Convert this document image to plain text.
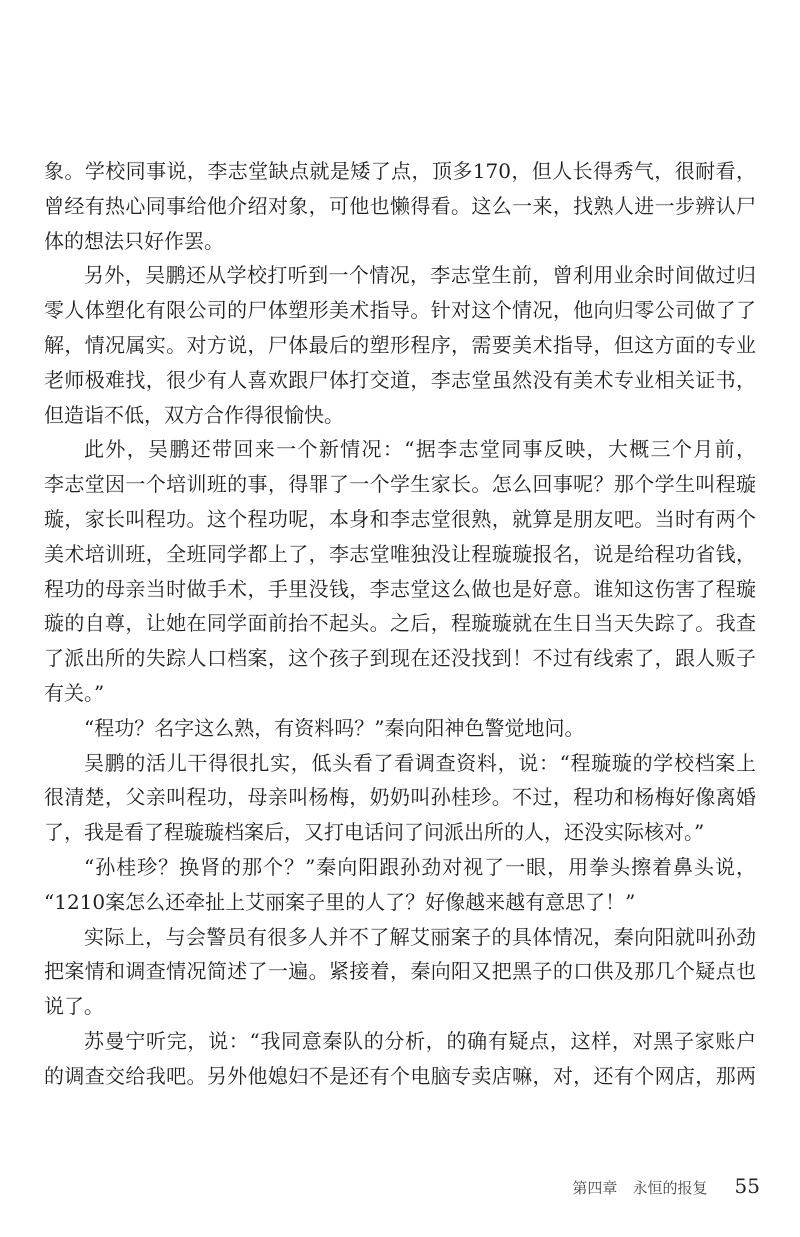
象。学校同事说，李志堂缺点就是矮了点，顶多170，但人长得秀气，很耐看，
曾经有热心同事给他介绍对象，可他也懒得看。这么一来，找熟人进一步辨认尸
体的想法只好作罢。
另外，吴鹏还从学校打听到一个情况，李志堂生前，曾利用业余时间做过归
零人体塑化有限公司的尸体塑形美术指导。针对这个情况，他向归零公司做了了
解，情况属实。对方说，尸体最后的塑形程序，需要美术指导，但这方面的专业
老师极难找，很少有人喜欢跟尸体打交道，李志堂虽然没有美术专业相关证书，
但造诣不低，双方合作得很愉快。
此外，吴鹏还带回来一个新情况：“据李志堂同事反映，大概三个月前，
李志堂因一个培训班的事，得罪了一个学生家长。怎么回事呢？那个学生叫程璇
璇，家长叫程功。这个程功呢，本身和李志堂很熟，就算是朋友吧。当时有两个
美术培训班，全班同学都上了，李志堂唯独没让程璇璇报名，说是给程功省钱，
程功的母亲当时做手术，手里没钱，李志堂这么做也是好意。谁知这伤害了程璇
璇的自尊，让她在同学面前抬不起头。之后，程璇璇就在生日当天失踪了。我查
了派出所的失踪人口档案，这个孩子到现在还没找到！不过有线索了，跟人贩子
有关。”
“程功？名字这么熟，有资料吗？”秦向阳神色警觉地问。
吴鹏的活儿干得很扎实，低头看了看调查资料，说：“程璇璇的学校档案上
很清楚，父亲叫程功，母亲叫杨梅，奶奶叫孙桂珍。不过，程功和杨梅好像离婚
了，我是看了程璇璇档案后，又打电话问了问派出所的人，还没实际核对。”
“孙桂珍？换肾的那个？”秦向阳跟孙劲对视了一眼，用拳头擦着鼻头说，
“1210案怎么还牵扯上艾丽案子里的人了？好像越来越有意思了！”
实际上，与会警员有很多人并不了解艾丽案子的具体情况，秦向阳就叫孙劲
把案情和调查情况简述了一遍。紧接着，秦向阳又把黑子的口供及那几个疑点也
说了。
苏曼宁听完，说：“我同意秦队的分析，的确有疑点，这样，对黑子家账户
的调查交给我吧。另外他媳妇不是还有个电脑专卖店嘛，对，还有个网店，那两
第四章 永恒的报复 55
